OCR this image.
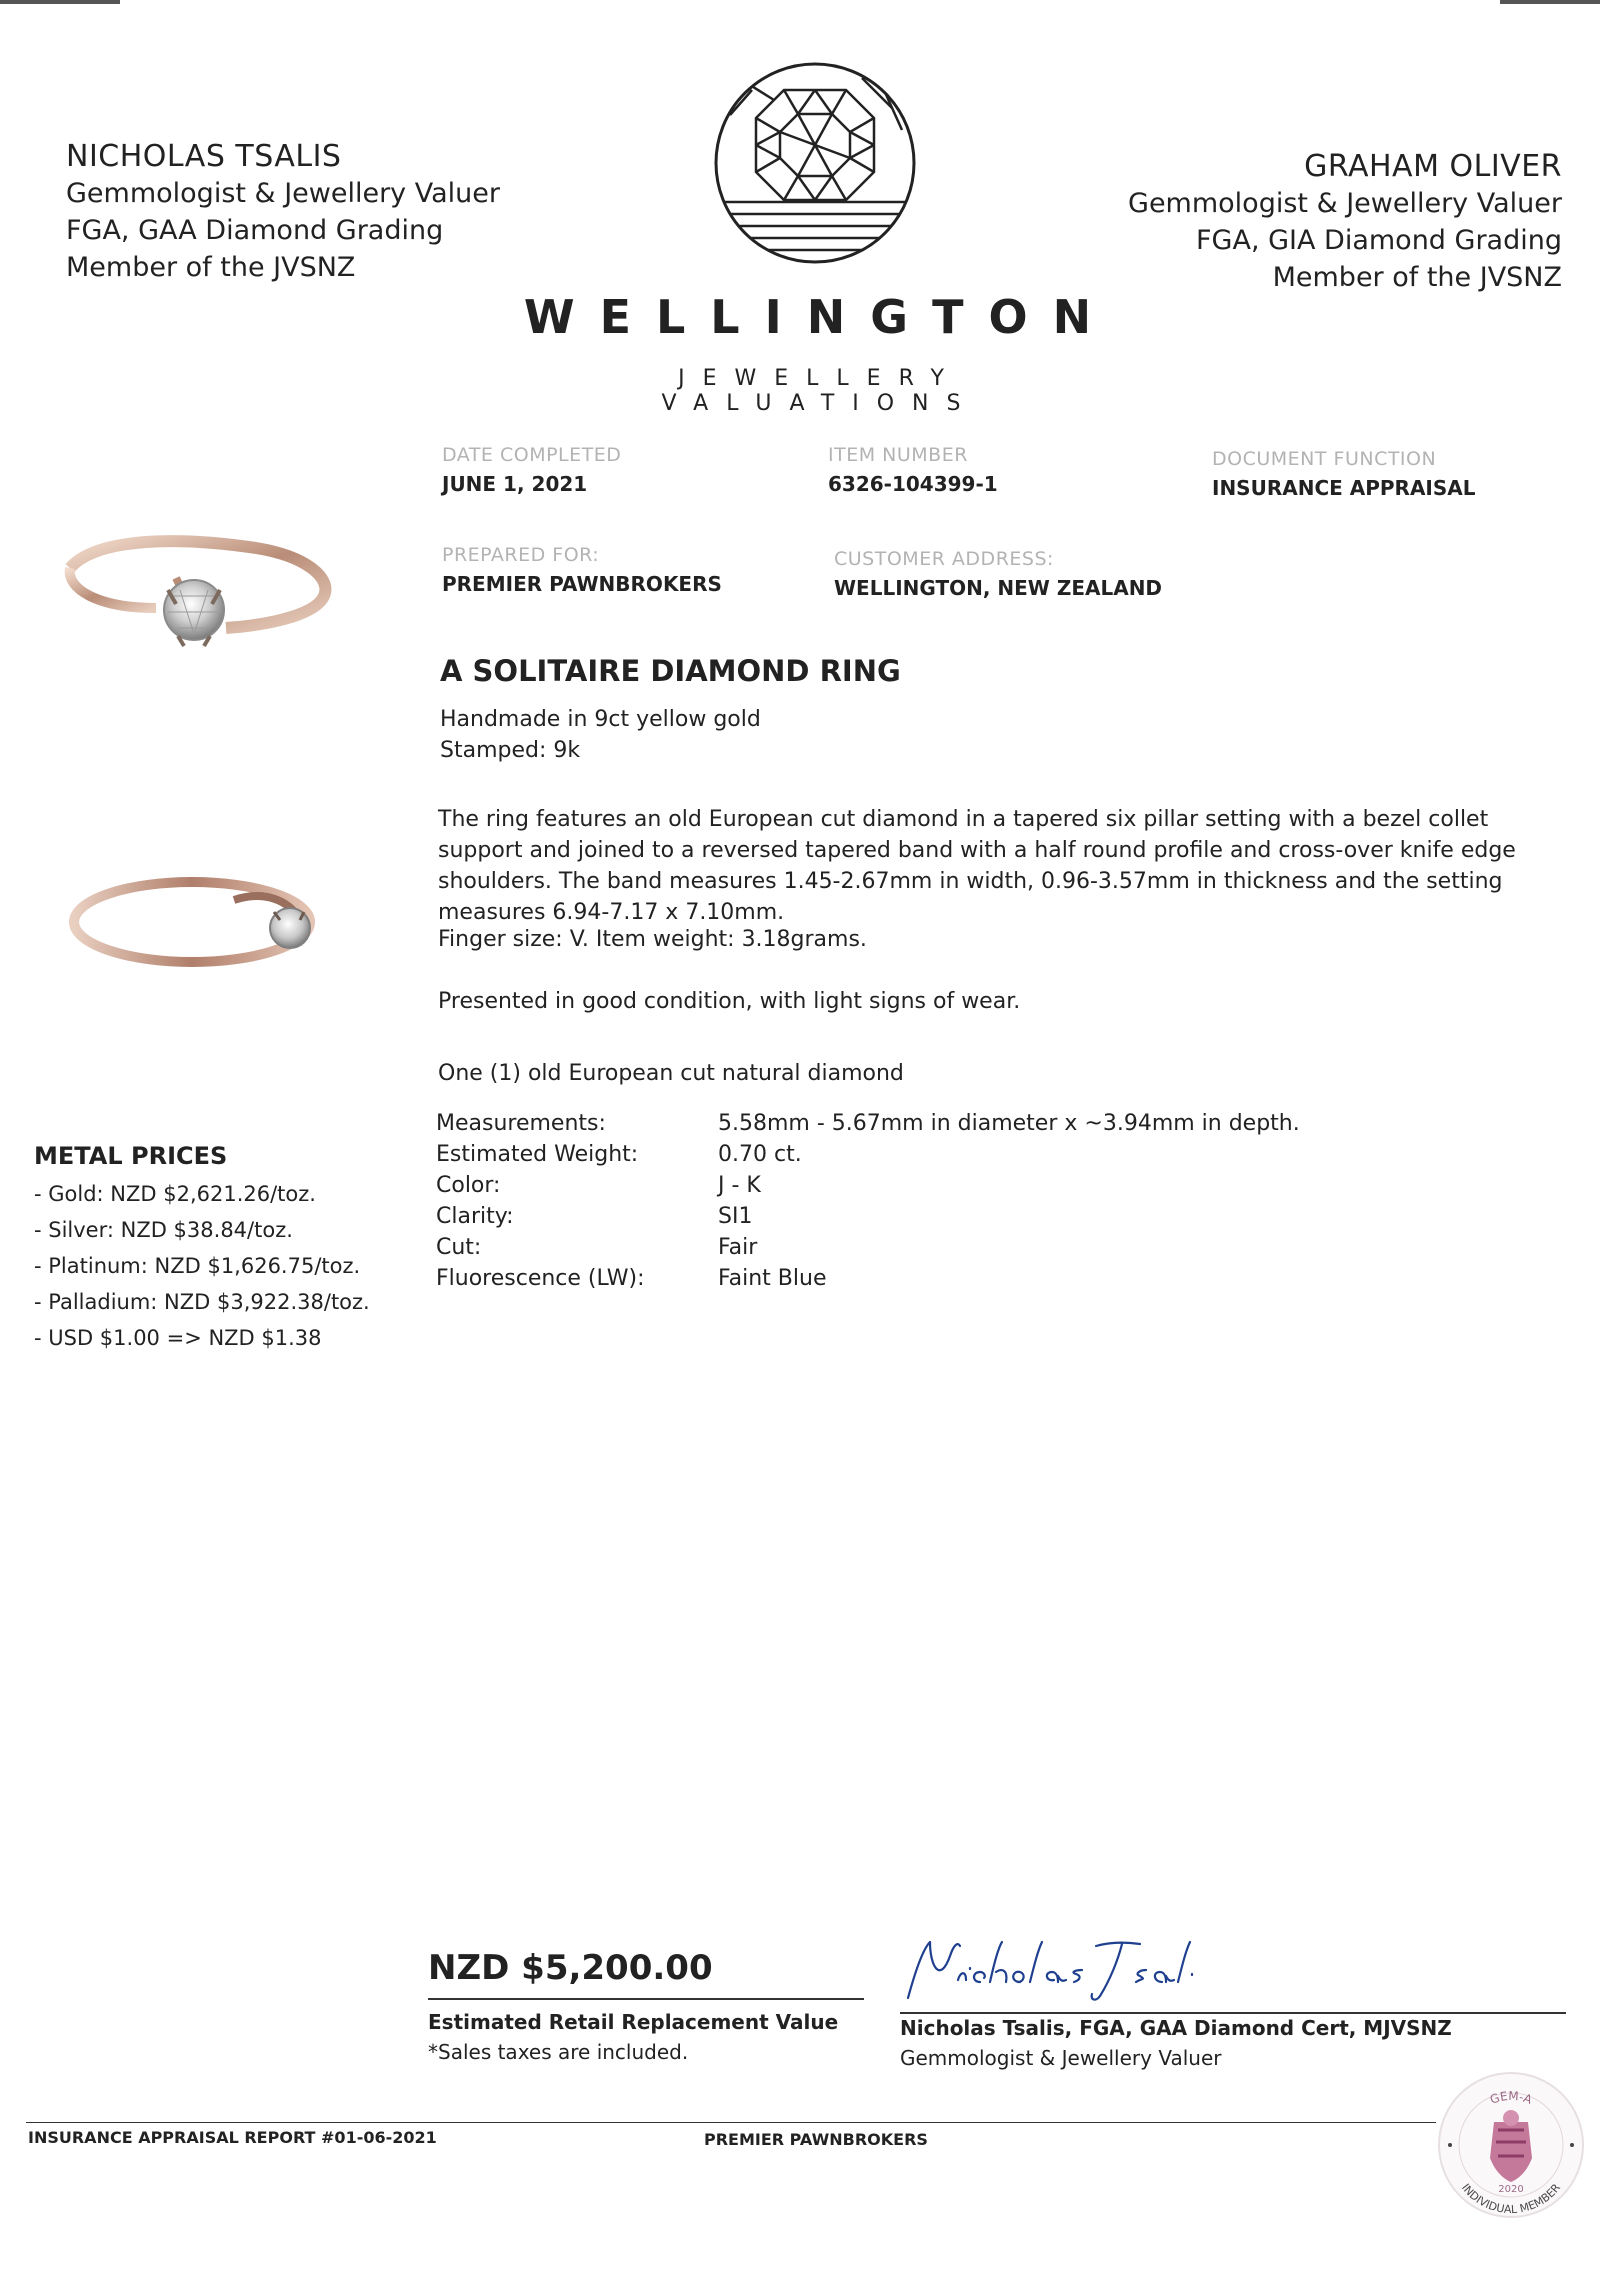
NICHOLAS TSALIS
Gemmologist & Jewellery Valuer
FGA, GAA Diamond Grading
Member of the JVSNZ
GRAHAM OLIVER
Gemmologist & Jewellery Valuer
FGA, GIA Diamond Grading
Member of the JVSNZ
WELLINGTON
JEWELLERY VALUATIONS
DATE COMPLETED
JUNE 1, 2021
ITEM NUMBER
6326-104399-1
DOCUMENT FUNCTION
INSURANCE APPRAISAL
PREPARED FOR:
PREMIER PAWNBROKERS
CUSTOMER ADDRESS:
WELLINGTON, NEW ZEALAND
A SOLITAIRE DIAMOND RING
Handmade in 9ct yellow gold
Stamped: 9k
The ring features an old European cut diamond in a tapered six pillar setting with a bezel collet support and joined to a reversed tapered band with a half round profile and cross-over knife edge shoulders. The band measures 1.45-2.67mm in width, 0.96-3.57mm in thickness and the setting measures 6.94-7.17 x 7.10mm.
Finger size: V. Item weight: 3.18grams.
Presented in good condition, with light signs of wear.
One (1) old European cut natural diamond
Measurements:	5.58mm - 5.67mm in diameter x ~3.94mm in depth.
Estimated Weight:	0.70 ct.
Color:	J - K
Clarity:	SI1
Cut:	Fair
Fluorescence (LW):	Faint Blue
METAL PRICES
- Gold: NZD $2,621.26/toz.
- Silver: NZD $38.84/toz.
- Platinum: NZD $1,626.75/toz.
- Palladium: NZD $3,922.38/toz.
- USD $1.00 => NZD $1.38
NZD $5,200.00
Estimated Retail Replacement Value
*Sales taxes are included.
Nicholas Tsalis, FGA, GAA Diamond Cert, MJVSNZ
Gemmologist & Jewellery Valuer
INSURANCE APPRAISAL REPORT #01-06-2021	PREMIER PAWNBROKERS
GEM-A
2020
INDIVIDUAL MEMBER
